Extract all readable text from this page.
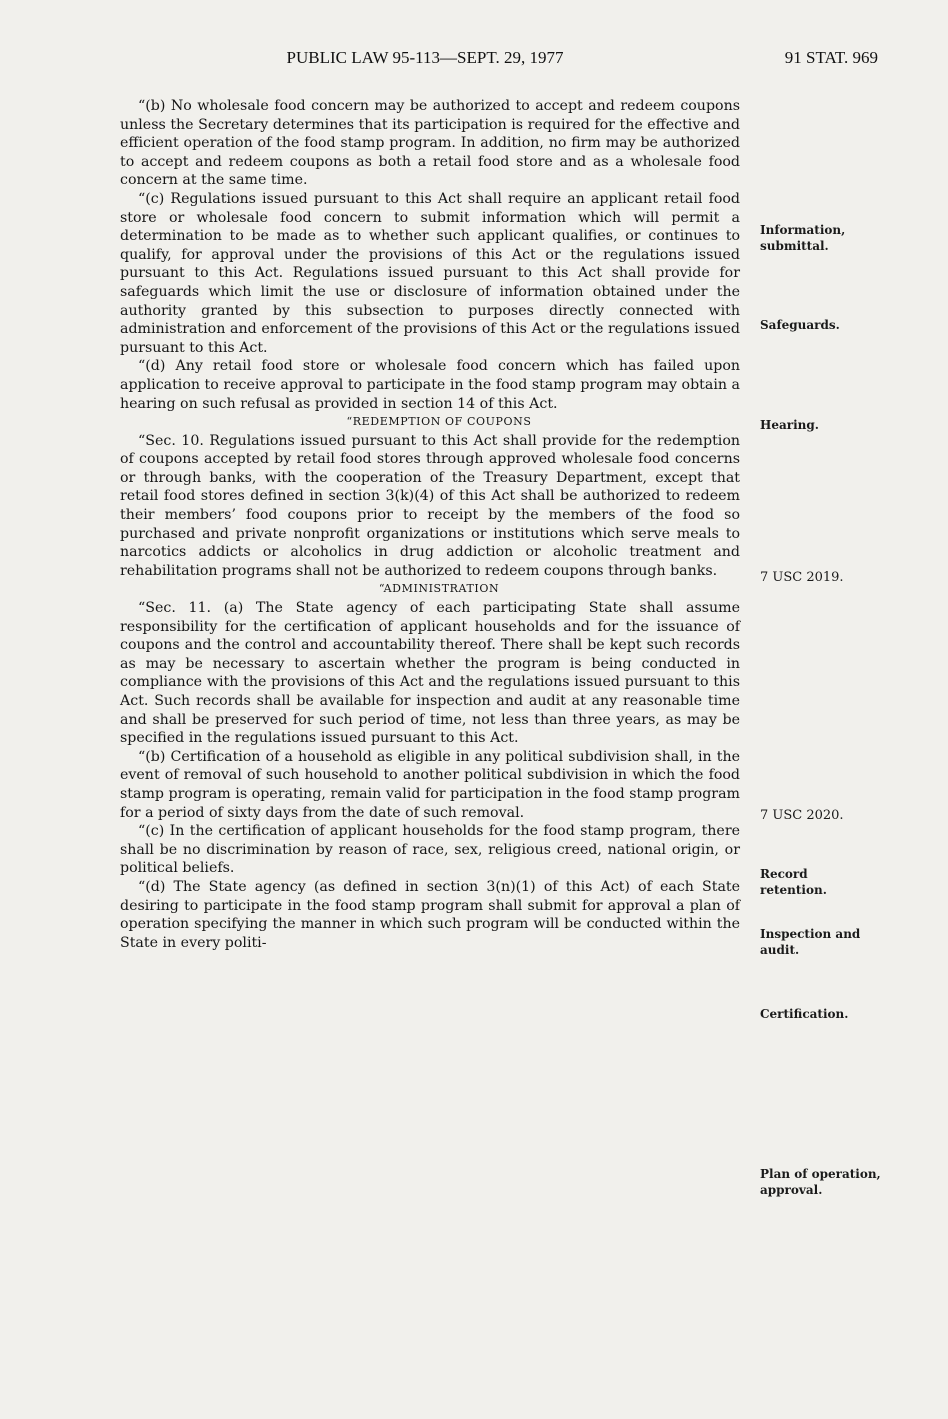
PUBLIC LAW 95-113—SEPT. 29, 1977	91 STAT. 969

“(b) No wholesale food concern may be authorized to accept and redeem coupons unless the Secretary determines that its participation is required for the effective and efficient operation of the food stamp program. In addition, no firm may be authorized to accept and redeem coupons as both a retail food store and as a wholesale food concern at the same time.

“(c) Regulations issued pursuant to this Act shall require an applicant retail food store or wholesale food concern to submit information which will permit a determination to be made as to whether such applicant qualifies, or continues to qualify, for approval under the provisions of this Act or the regulations issued pursuant to this Act. Regulations issued pursuant to this Act shall provide for safeguards which limit the use or disclosure of information obtained under the authority granted by this subsection to purposes directly connected with administration and enforcement of the provisions of this Act or the regulations issued pursuant to this Act.

“(d) Any retail food store or wholesale food concern which has failed upon application to receive approval to participate in the food stamp program may obtain a hearing on such refusal as provided in section 14 of this Act.

“REDEMPTION OF COUPONS

“Sec. 10. Regulations issued pursuant to this Act shall provide for the redemption of coupons accepted by retail food stores through approved wholesale food concerns or through banks, with the cooperation of the Treasury Department, except that retail food stores defined in section 3(k)(4) of this Act shall be authorized to redeem their members’ food coupons prior to receipt by the members of the food so purchased and private nonprofit organizations or institutions which serve meals to narcotics addicts or alcoholics in drug addiction or alcoholic treatment and rehabilitation programs shall not be authorized to redeem coupons through banks.

“ADMINISTRATION

“Sec. 11. (a) The State agency of each participating State shall assume responsibility for the certification of applicant households and for the issuance of coupons and the control and accountability thereof. There shall be kept such records as may be necessary to ascertain whether the program is being conducted in compliance with the provisions of this Act and the regulations issued pursuant to this Act. Such records shall be available for inspection and audit at any reasonable time and shall be preserved for such period of time, not less than three years, as may be specified in the regulations issued pursuant to this Act.

“(b) Certification of a household as eligible in any political subdivision shall, in the event of removal of such household to another political subdivision in which the food stamp program is operating, remain valid for participation in the food stamp program for a period of sixty days from the date of such removal.

“(c) In the certification of applicant households for the food stamp program, there shall be no discrimination by reason of race, sex, religious creed, national origin, or political beliefs.

“(d) The State agency (as defined in section 3(n)(1) of this Act) of each State desiring to participate in the food stamp program shall submit for approval a plan of operation specifying the manner in which such program will be conducted within the State in every politi-

Information, submittal.
Safeguards.
Hearing.
7 USC 2019.
7 USC 2020.
Record retention.
Inspection and audit.
Certification.
Plan of operation, approval.
